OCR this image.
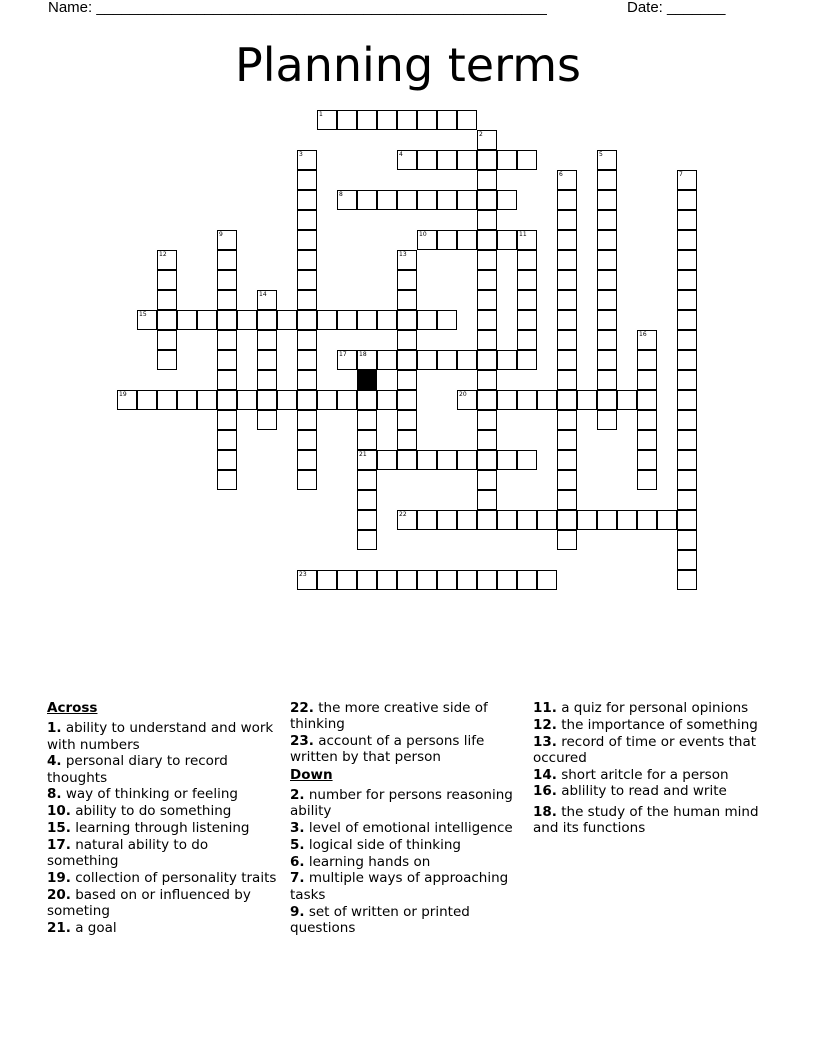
Name: ______________________________________________________	Date: _______
Planning terms
1
2
3	4	5
6	7
8
9	10	11
12	13
14
15
16
17 18
21
19	20
22
23
Across
1. ability to understand and work with numbers
4. personal diary to record thoughts
8. way of thinking or feeling
10. ability to do something
15. learning through listening
17. natural ability to do something
19. collection of personality traits
20. based on or influenced by someting
21. a goal
22. the more creative side of thinking
23. account of a persons life written by that person
Down
2. number for persons reasoning ability
3. level of emotional intelligence
5. logical side of thinking
6. learning hands on
7. multiple ways of approaching tasks
9. set of written or printed questions
11. a quiz for personal opinions
12. the importance of something
13. record of time or events that occured
14. short aritcle for a person
16. ablility to read and write
18. the study of the human mind and its functions
